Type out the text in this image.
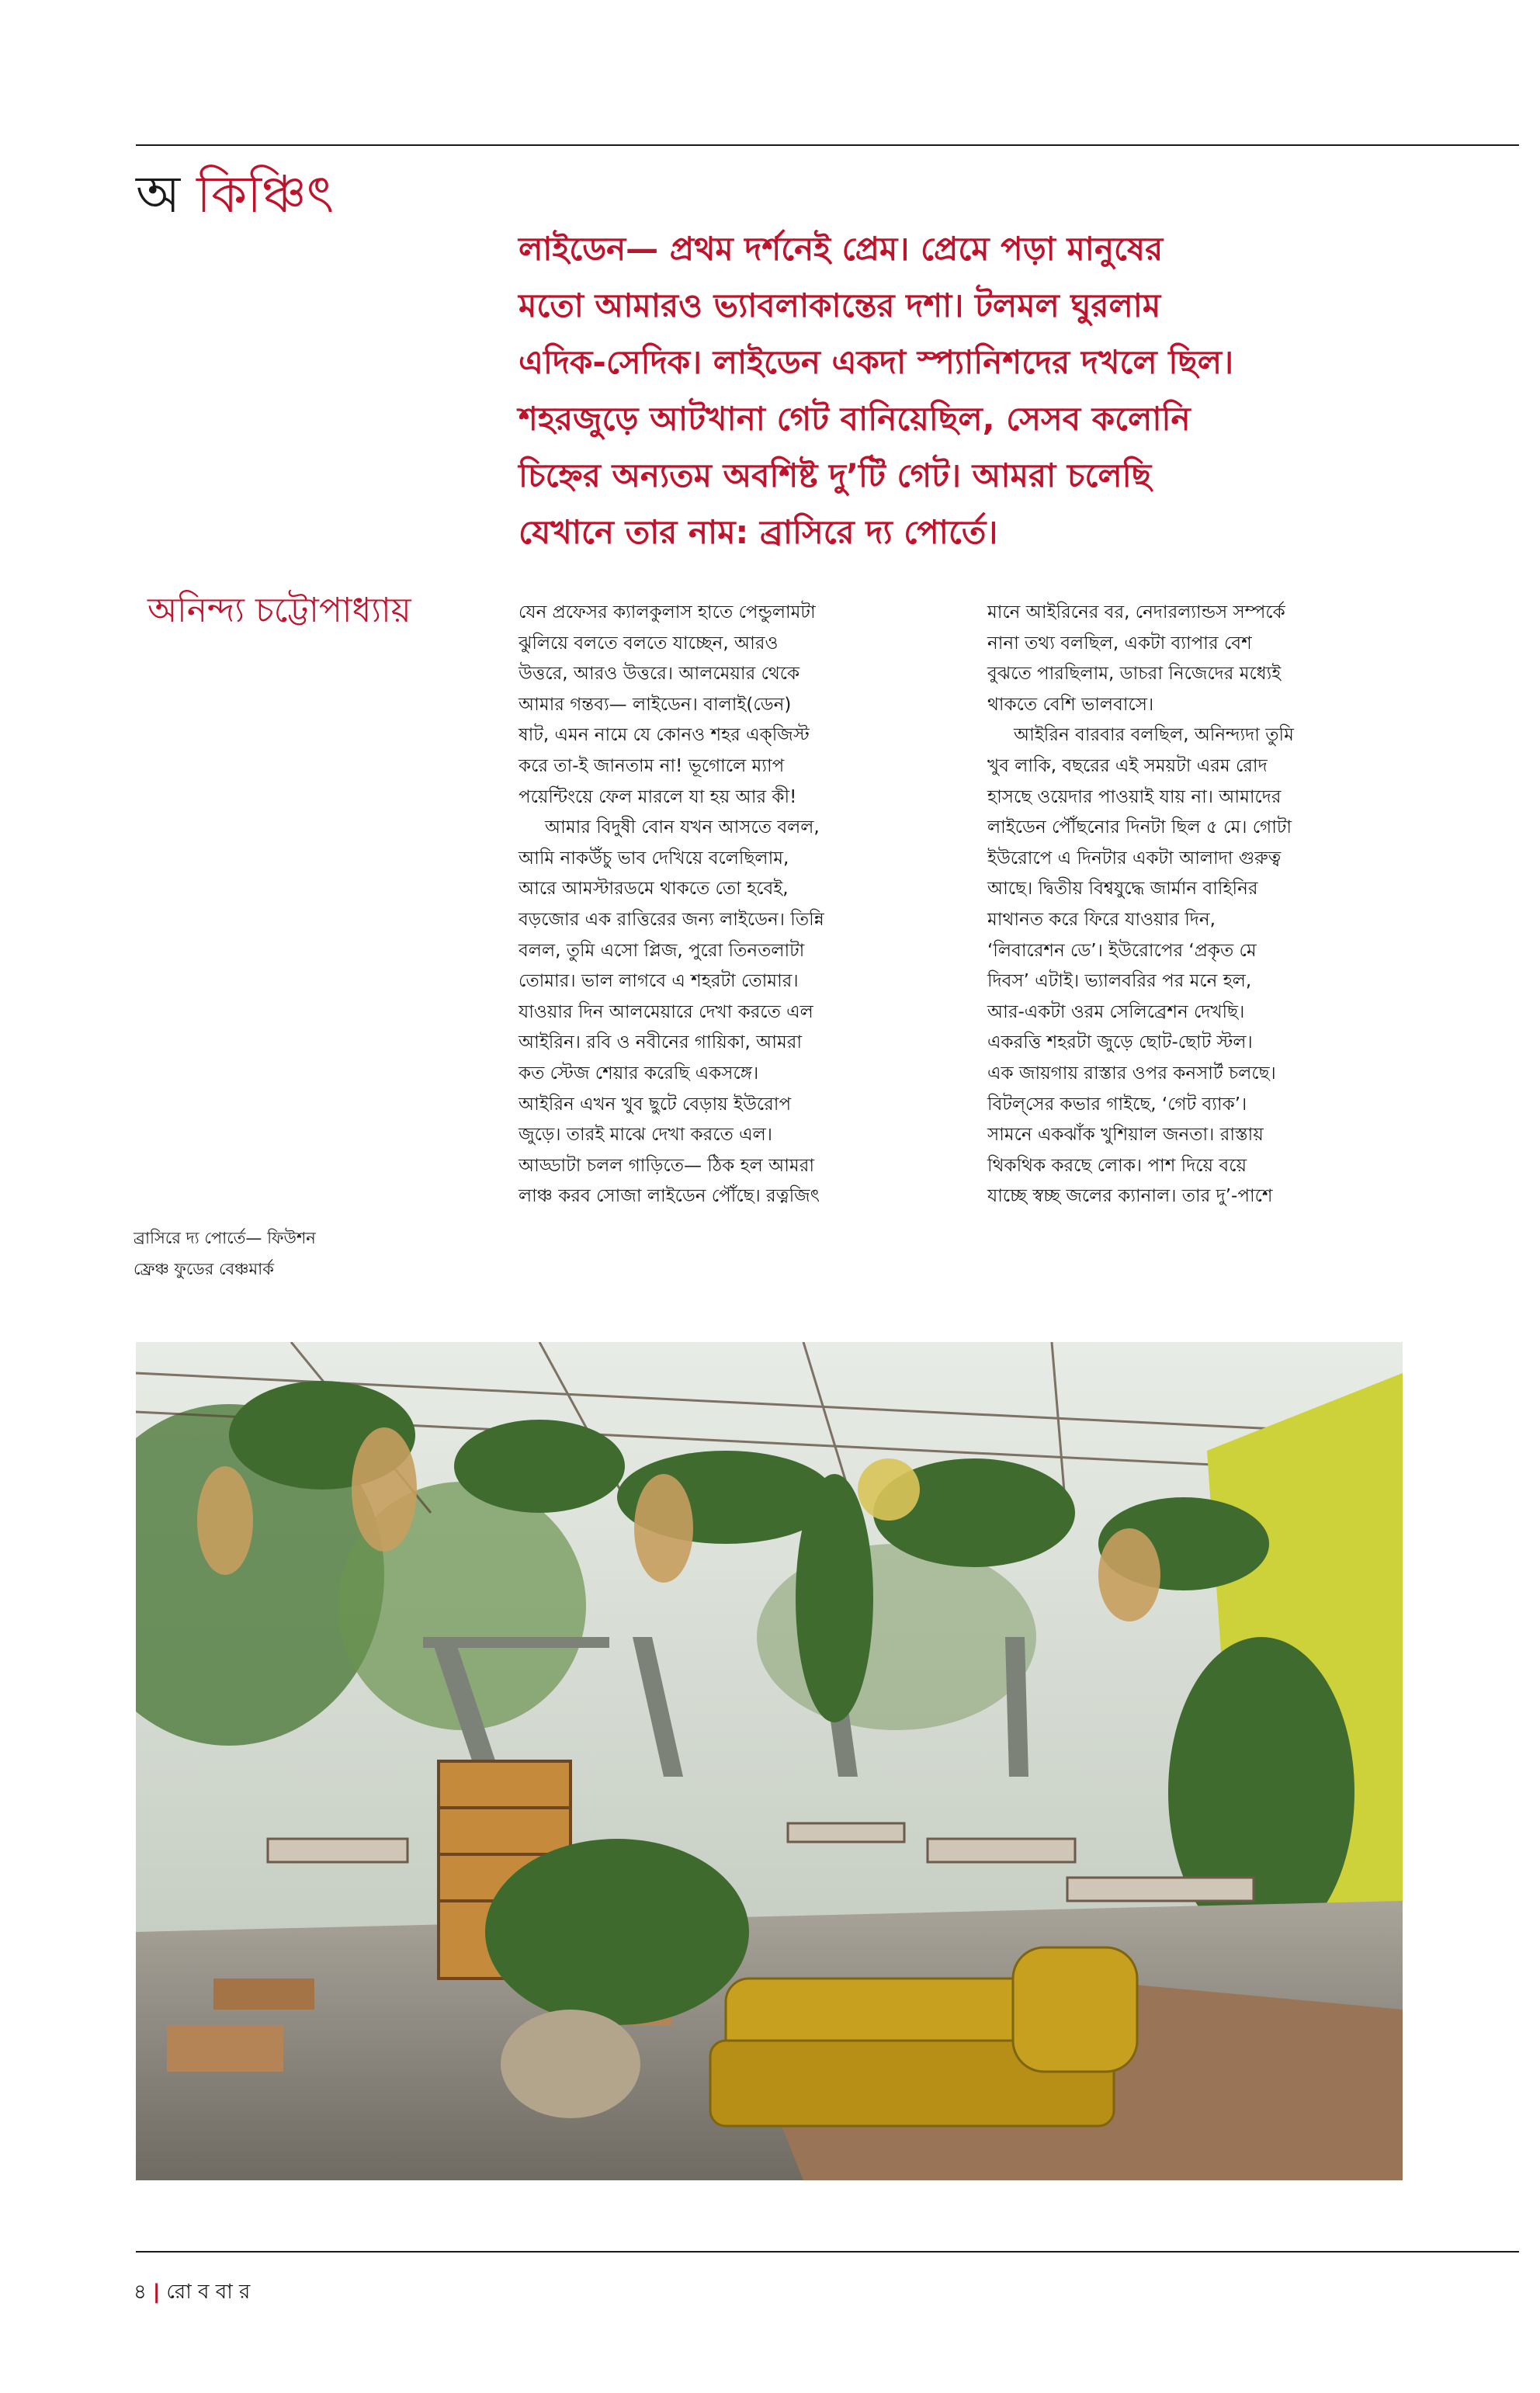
অ কিঞ্চিৎ
লাইডেন— প্রথম দর্শনেই প্রেম। প্রেমে পড়া মানুষের
মতো আমারও ভ্যাবলাকান্তের দশা। টলমল ঘুরলাম
এদিক-সেদিক। লাইডেন একদা স্প্যানিশদের দখলে ছিল।
শহরজুড়ে আটখানা গেট বানিয়েছিল, সেসব কলোনি
চিহ্নের অন্যতম অবশিষ্ট দু’টি গেট। আমরা চলেছি
যেখানে তার নাম: ব্রাসিরে দ্য পোর্তে।
অনিন্দ্য চট্টোপাধ্যায়	যেন প্রফেসর ক্যালকুলাস হাতে পেন্ডুলামটা
ঝুলিয়ে বলতে বলতে যাচ্ছেন, আরও
উত্তরে, আরও উত্তরে। আলমেয়ার থেকে
আমার গন্তব্য— লাইডেন। বালাই(ডেন)
ষাট, এমন নামে যে কোনও শহর এক্‌জিস্ট
করে তা-ই জানতাম না! ভূগোলে ম্যাপ
পয়েন্টিংয়ে ফেল মারলে যা হয় আর কী!
আমার বিদুষী বোন যখন আসতে বলল,
আমি নাকউঁচু ভাব দেখিয়ে বলেছিলাম,
আরে আমস্টারডমে থাকতে তো হবেই,
বড়জোর এক রাত্তিরের জন্য লাইডেন। তিন্নি
বলল, তুমি এসো প্লিজ, পুরো তিনতলাটা
তোমার। ভাল লাগবে এ শহরটা তোমার।
যাওয়ার দিন আলমেয়ারে দেখা করতে এল
আইরিন। রবি ও নবীনের গায়িকা, আমরা
কত স্টেজ শেয়ার করেছি একসঙ্গে।
আইরিন এখন খুব ছুটে বেড়ায় ইউরোপ
জুড়ে। তারই মাঝে দেখা করতে এল।
আড্ডাটা চলল গাড়িতে— ঠিক হল আমরা
লাঞ্চ করব সোজা লাইডেন পৌঁছে। রত্নজিৎ
মানে আইরিনের বর, নেদারল্যান্ডস সম্পর্কে
নানা তথ্য বলছিল, একটা ব্যাপার বেশ
বুঝতে পারছিলাম, ডাচরা নিজেদের মধ্যেই
থাকতে বেশি ভালবাসে।
আইরিন বারবার বলছিল, অনিন্দ্যদা তুমি
খুব লাকি, বছরের এই সময়টা এরম রোদ
হাসছে ওয়েদার পাওয়াই যায় না। আমাদের
লাইডেন পৌঁছনোর দিনটা ছিল ৫ মে। গোটা
ইউরোপে এ দিনটার একটা আলাদা গুরুত্ব
আছে। দ্বিতীয় বিশ্বযুদ্ধে জার্মান বাহিনির
মাথানত করে ফিরে যাওয়ার দিন,
‘লিবারেশন ডে’। ইউরোপের ‘প্রকৃত মে
দিবস’ এটাই। ভ্যালবরির পর মনে হল,
আর-একটা ওরম সেলিব্রেশন দেখছি।
একরত্তি শহরটা জুড়ে ছোট-ছোট স্টল।
এক জায়গায় রাস্তার ওপর কনসার্ট চলছে।
বিটল্‌সের কভার গাইছে, ‘গেট ব্যাক’।
সামনে একঝাঁক খুশিয়াল জনতা। রাস্তায়
থিকথিক করছে লোক। পাশ দিয়ে বয়ে
যাচ্ছে স্বচ্ছ জলের ক্যানাল। তার দু’-পাশে
ব্রাসিরে দ্য পোর্তে— ফিউশন
ফ্রেঞ্চ ফুডের বেঞ্চমার্ক
৪ | রো ব বা র
